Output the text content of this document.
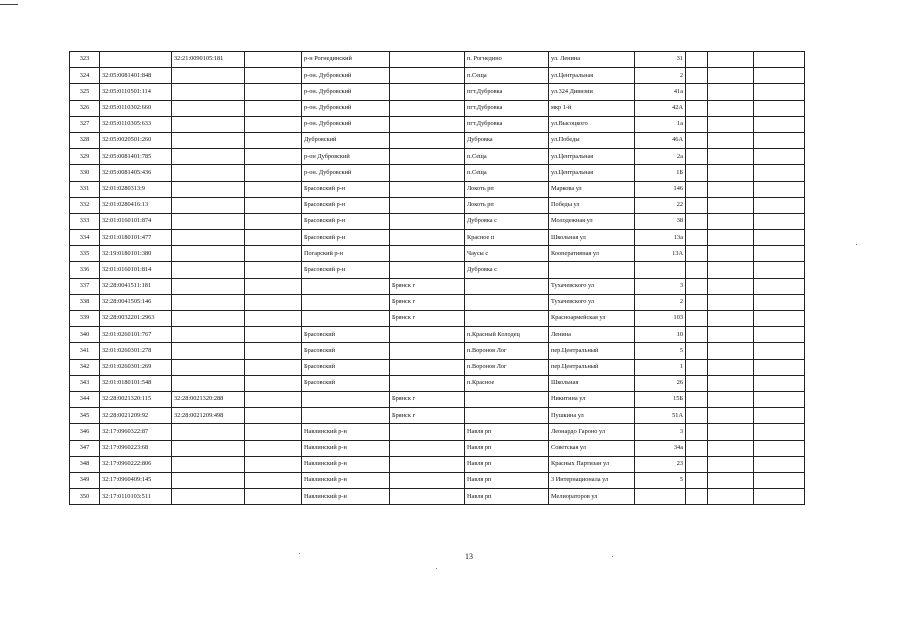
323		32:21:0090105:181		р-н Рогнединский		п. Рогнедино	ул. Ленина	31			
324	32:05:0081401:848			р-он. Дубровский		п.Сеща	ул.Центральная	2			
325	32:05:0110501:114			р-он. Дубровский		пгт.Дубровка	ул.324 Дивизии	41а			
326	32:05:0110302:660			р-он. Дубровский		пгт.Дубровка	мкр 1-й	42А			
327	32:05:0110305:633			р-он. Дубровский		пгт.Дубровка	ул.Высоцкого	1а			
328	32:05:0020501:260			Дубровский		Дубровка	ул.Победы	46А			
329	32:05:0081401:785			р-он Дубровский		п.Сеща	ул.Центральная	2а			
330	32:05:0081405:436			р-он. Дубровский		п.Сеща	ул.Центральная	1Б			
331	32:01:0280313:9			Брасовский р-н		Локоть рп	Маркова ул	146			
332	32:01:0280416:13			Брасовский р-н		Локоть рп	Победы ул	22			
333	32:01:0160101:874			Брасовский р-н		Дубровка с	Молодежная ул	38			
334	32:01:0180101:477			Брасовский р-н		Красное п	Школьная ул	13а			
335	32:19:0180101:380			Погарский р-н		Чаусы с	Кооперативная ул	13А			
336	32:01:0160101:814			Брасовский р-н		Дубровка с					
337	32:28:0041511:181				Брянск г		Тухачевского ул	3			
338	32:28:0041505:146				Брянск г		Тухачевского ул	2			
339	32:28:0032201:2963				Брянск г		Красноармейская ул	103			
340	32:01:0260101:767			Брасовский		п.Красный Колодец	Ленина	10			
341	32:01:0260301:278			Брасовский		п.Воронов Лог	пер.Центральный	5			
342	32:01:0260301:269			Брасовский		п.Воронов Лог	пер.Центральный	1			
343	32:01:0180101:548			Брасовский		п.Красное	Школьная	26			
344	32:28:0021320:115	32:28:0021320:288			Брянск г		Никитина ул	15Б			
345	32:28:0021209:92	32:28:0021209:498			Брянск г		Пушкина ул	51А			
346	32:17:0960322:87			Навлинский р-н		Навля рп	Леонардо Гароно ул	3			
347	32:17:0960223:68			Навлинский р-н		Навля рп	Советская ул	34а			
348	32:17:0960222:806			Навлинский р-н		Навля рп	Красных Партизан ул	23			
349	32:17:0960409:145			Навлинский р-н		Навля рп	3 Интернационала ул	5			
350	32:17:0110103:511			Навлинский р-н		Навля рп	Мелиораторов ул				
13
